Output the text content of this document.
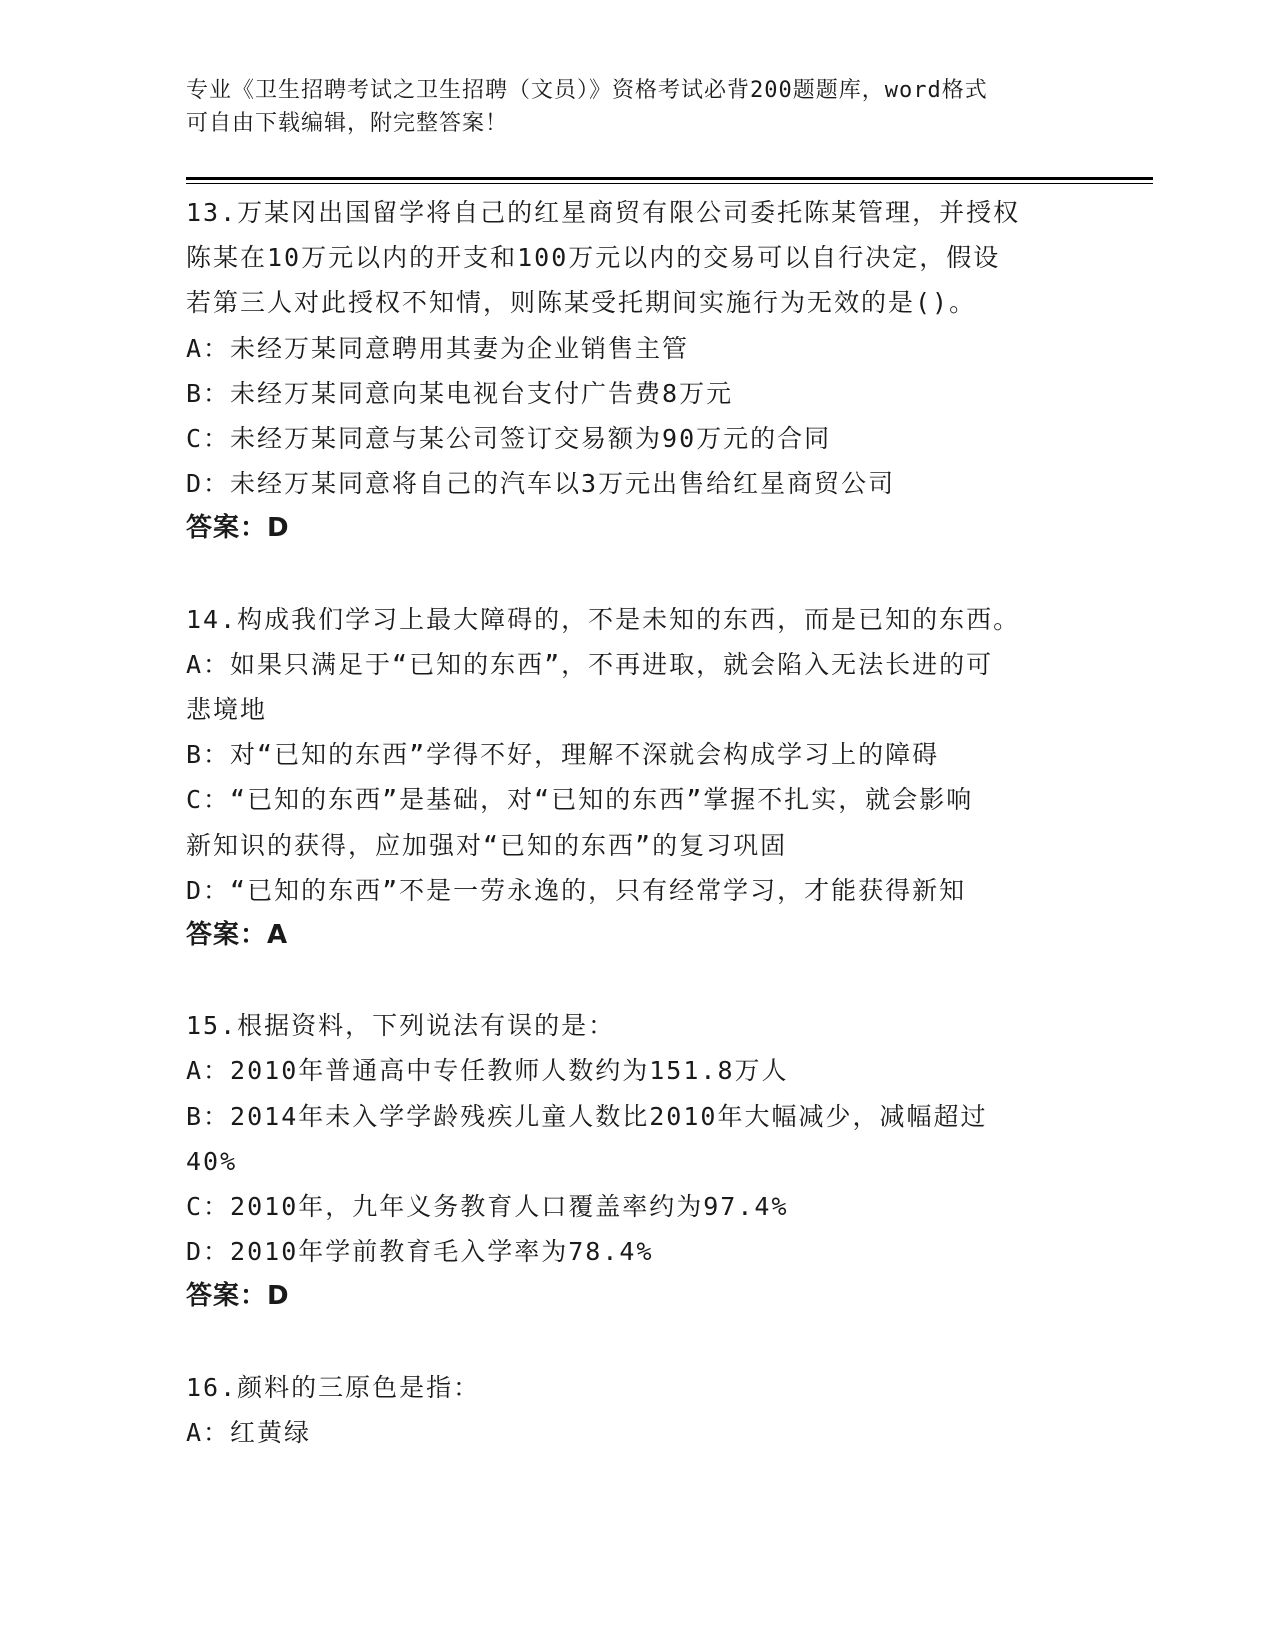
专业《卫生招聘考试之卫生招聘（文员）》资格考试必背200题题库，word格式
可自由下载编辑，附完整答案！
13.万某冈出国留学将自己的红星商贸有限公司委托陈某管理，并授权
陈某在10万元以内的开支和100万元以内的交易可以自行决定，假设
若第三人对此授权不知情，则陈某受托期间实施行为无效的是()。
A：未经万某同意聘用其妻为企业销售主管
B：未经万某同意向某电视台支付广告费8万元
C：未经万某同意与某公司签订交易额为90万元的合同
D：未经万某同意将自己的汽车以3万元出售给红星商贸公司
答案：D
14.构成我们学习上最大障碍的，不是未知的东西，而是已知的东西。
A：如果只满足于“已知的东西”，不再进取，就会陷入无法长进的可
悲境地
B：对“已知的东西”学得不好，理解不深就会构成学习上的障碍
C：“已知的东西”是基础，对“已知的东西”掌握不扎实，就会影响
新知识的获得，应加强对“已知的东西”的复习巩固
D：“已知的东西”不是一劳永逸的，只有经常学习，才能获得新知
答案：A
15.根据资料，下列说法有误的是：
A：2010年普通高中专任教师人数约为151.8万人
B：2014年未入学学龄残疾儿童人数比2010年大幅减少，减幅超过
40%
C：2010年，九年义务教育人口覆盖率约为97.4%
D：2010年学前教育毛入学率为78.4%
答案：D
16.颜料的三原色是指：
A：红黄绿
